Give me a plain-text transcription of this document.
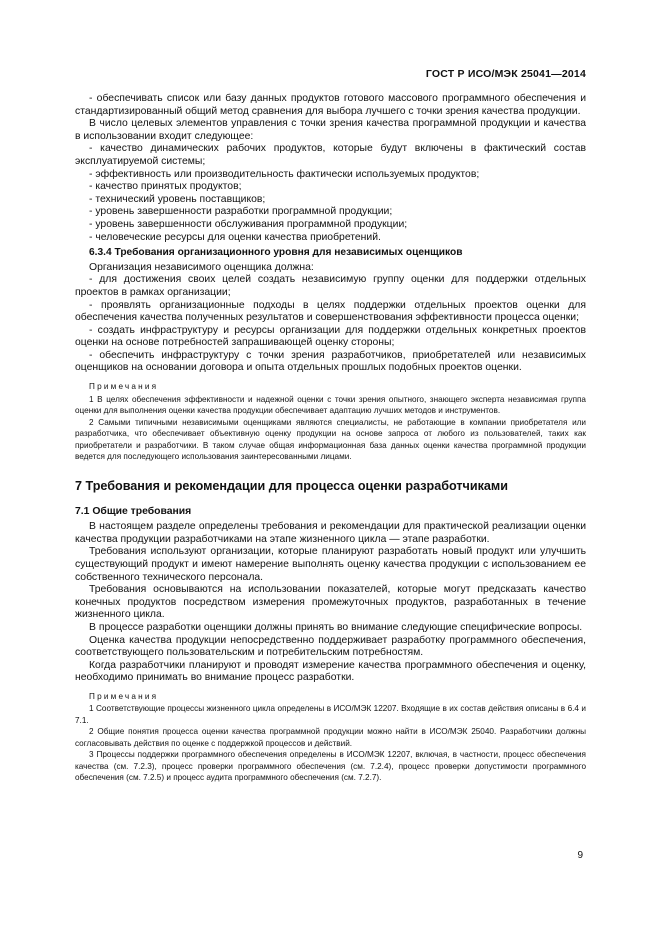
ГОСТ Р ИСО/МЭК 25041—2014

- обеспечивать список или базу данных продуктов готового массового программного обеспечения и стандартизированный общий метод сравнения для выбора лучшего с точки зрения качества продукции.

В число целевых элементов управления с точки зрения качества программной продукции и качества в использовании входит следующее:

- качество динамических рабочих продуктов, которые будут включены в фактический состав эксплуатируемой системы;

- эффективность или производительность фактически используемых продуктов;

- качество принятых продуктов;

- технический уровень поставщиков;

- уровень завершенности разработки программной продукции;

- уровень завершенности обслуживания программной продукции;

- человеческие ресурсы для оценки качества приобретений.

6.3.4 Требования организационного уровня для независимых оценщиков

Организация независимого оценщика должна:

- для достижения своих целей создать независимую группу оценки для поддержки отдельных проектов в рамках организации;

- проявлять организационные подходы в целях поддержки отдельных проектов оценки для обеспечения качества полученных результатов и совершенствования эффективности процесса оценки;

- создать инфраструктуру и ресурсы организации для поддержки отдельных конкретных проектов оценки на основе потребностей запрашивающей оценку стороны;

- обеспечить инфраструктуру с точки зрения разработчиков, приобретателей или независимых оценщиков на основании договора и опыта отдельных прошлых подобных проектов оценки.

Примечания

1 В целях обеспечения эффективности и надежной оценки с точки зрения опытного, знающего эксперта независимая группа оценки для выполнения оценки качества продукции обеспечивает адаптацию лучших методов и инструментов.

2 Самыми типичными независимыми оценщиками являются специалисты, не работающие в компании приобретателя или разработчика, что обеспечивает объективную оценку продукции на основе запроса от любого из пользователей, таких как приобретатели и разработчики. В таком случае общая информационная база данных оценки качества программной продукции ведется для последующего использования заинтересованными лицами.

7 Требования и рекомендации для процесса оценки разработчиками
7.1 Общие требования

В настоящем разделе определены требования и рекомендации для практической реализации оценки качества продукции разработчиками на этапе жизненного цикла — этапе разработки.

Требования используют организации, которые планируют разработать новый продукт или улучшить существующий продукт и имеют намерение выполнять оценку качества продукции с использованием ее собственного технического персонала.

Требования основываются на использовании показателей, которые могут предсказать качество конечных продуктов посредством измерения промежуточных продуктов, разработанных в течение жизненного цикла.

В процессе разработки оценщики должны принять во внимание следующие специфические вопросы.

Оценка качества продукции непосредственно поддерживает разработку программного обеспечения, соответствующего пользовательским и потребительским потребностям.

Когда разработчики планируют и проводят измерение качества программного обеспечения и оценку, необходимо принимать во внимание процесс разработки.

Примечания

1 Соответствующие процессы жизненного цикла определены в ИСО/МЭК 12207. Входящие в их состав действия описаны в 6.4 и 7.1.

2 Общие понятия процесса оценки качества программной продукции можно найти в ИСО/МЭК 25040. Разработчики должны согласовывать действия по оценке с поддержкой процессов и действий.

3 Процессы поддержки программного обеспечения определены в ИСО/МЭК 12207, включая, в частности, процесс обеспечения качества (см. 7.2.3), процесс проверки программного обеспечения (см. 7.2.4), процесс проверки допустимости программного обеспечения (см. 7.2.5) и процесс аудита программного обеспечения (см. 7.2.7).

9
